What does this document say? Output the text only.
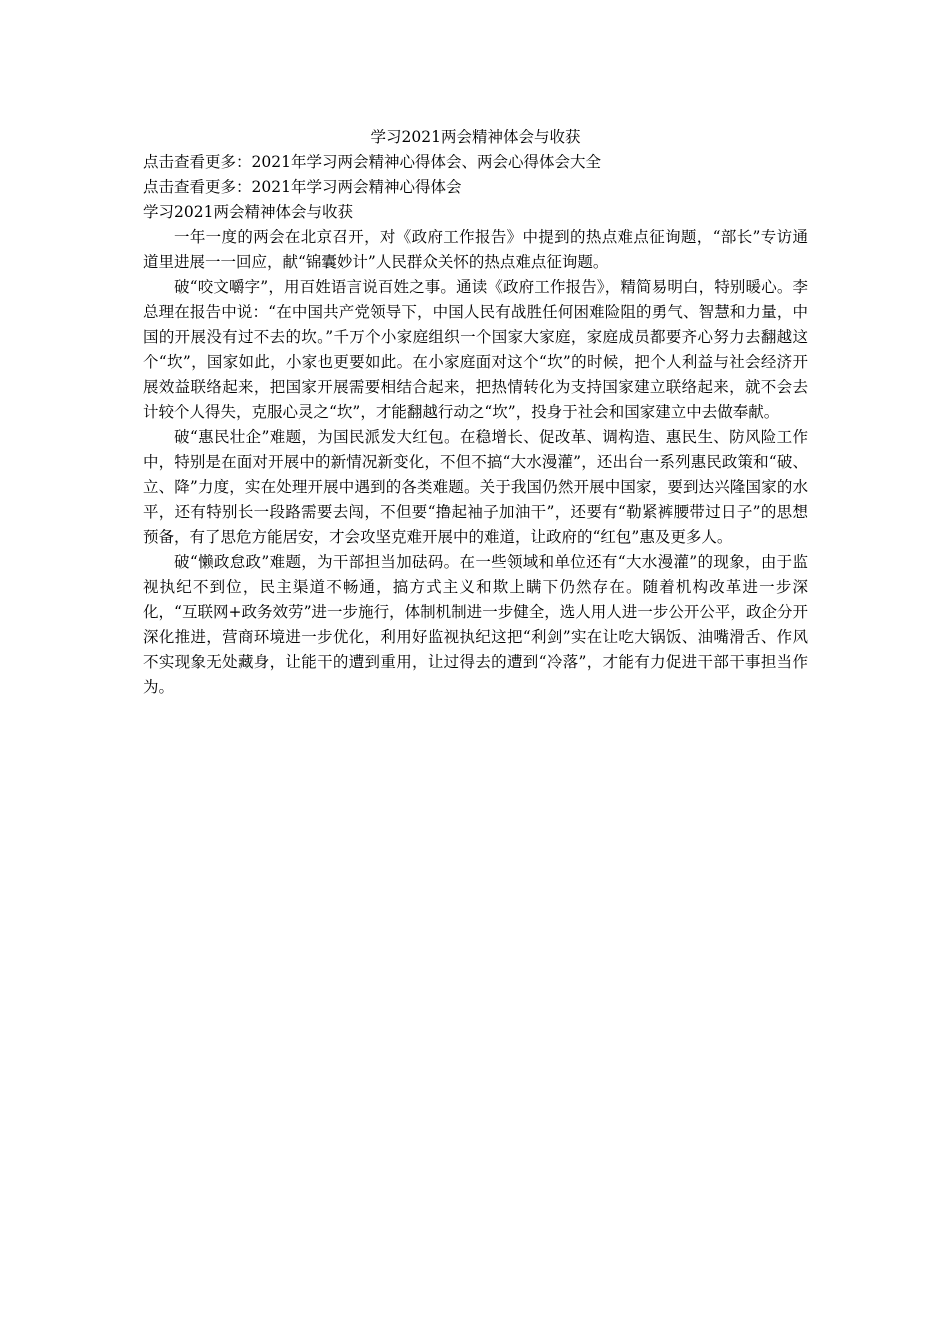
学习2021两会精神体会与收获

点击查看更多：2021年学习两会精神心得体会、两会心得体会大全

点击查看更多：2021年学习两会精神心得体会

学习2021两会精神体会与收获

一年一度的两会在北京召开，对《政府工作报告》中提到的热点难点征询题，“部长”专访通道里进展一一回应，献“锦囊妙计”人民群众关怀的热点难点征询题。

破“咬文嚼字”，用百姓语言说百姓之事。通读《政府工作报告》，精简易明白，特别暖心。李总理在报告中说：“在中国共产党领导下，中国人民有战胜任何困难险阻的勇气、智慧和力量，中国的开展没有过不去的坎。”千万个小家庭组织一个国家大家庭，家庭成员都要齐心努力去翻越这个“坎”，国家如此，小家也更要如此。在小家庭面对这个“坎”的时候，把个人利益与社会经济开展效益联络起来，把国家开展需要相结合起来，把热情转化为支持国家建立联络起来，就不会去计较个人得失，克服心灵之“坎”，才能翻越行动之“坎”，投身于社会和国家建立中去做奉献。

破“惠民壮企”难题，为国民派发大红包。在稳增长、促改革、调构造、惠民生、防风险工作中，特别是在面对开展中的新情况新变化，不但不搞“大水漫灌”，还出台一系列惠民政策和“破、立、降”力度，实在处理开展中遇到的各类难题。关于我国仍然开展中国家，要到达兴隆国家的水平，还有特别长一段路需要去闯，不但要“撸起袖子加油干”，还要有“勒紧裤腰带过日子”的思想预备，有了思危方能居安，才会攻坚克难开展中的难道，让政府的“红包”惠及更多人。

破“懒政怠政”难题，为干部担当加砝码。在一些领域和单位还有“大水漫灌”的现象，由于监视执纪不到位，民主渠道不畅通，搞方式主义和欺上瞒下仍然存在。随着机构改革进一步深化，“互联网+政务效劳”进一步施行，体制机制进一步健全，选人用人进一步公开公平，政企分开深化推进，营商环境进一步优化，利用好监视执纪这把“利剑”实在让吃大锅饭、油嘴滑舌、作风不实现象无处藏身，让能干的遭到重用，让过得去的遭到“冷落”，才能有力促进干部干事担当作为。
